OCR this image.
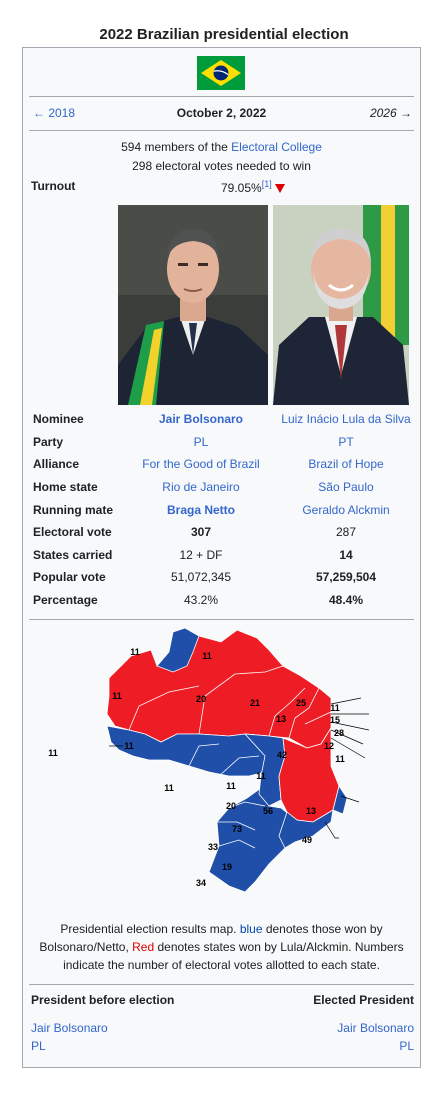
2022 Brazilian presidential election
← 2018	October 2, 2022	2026 →
594 members of the Electoral College
298 electoral votes needed to win
Turnout	79.05%[1]
Nominee	Jair Bolsonaro	Luiz Inácio Lula da Silva
Party	PL	PT
Alliance	For the Good of Brazil	Brazil of Hope
Home state	Rio de Janeiro	São Paulo
Running mate	Braga Netto	Geraldo Alckmin
Electoral vote	307	287
States carried	12 + DF	14
Popular vote	51,072,345	57,259,504
Percentage	43.2%	48.4%
11	11
11	20	21	25	11
15
28
12
13
11
11
11
42
11
11
20	56	13
11
73
49
33
19
34
Presidential election results map. blue denotes those won by Bolsonaro/Netto, Red denotes states won by Lula/Alckmin. Numbers indicate the number of electoral votes allotted to each state.
President before election	Elected President
Jair Bolsonaro
PL
Jair Bolsonaro
PL
